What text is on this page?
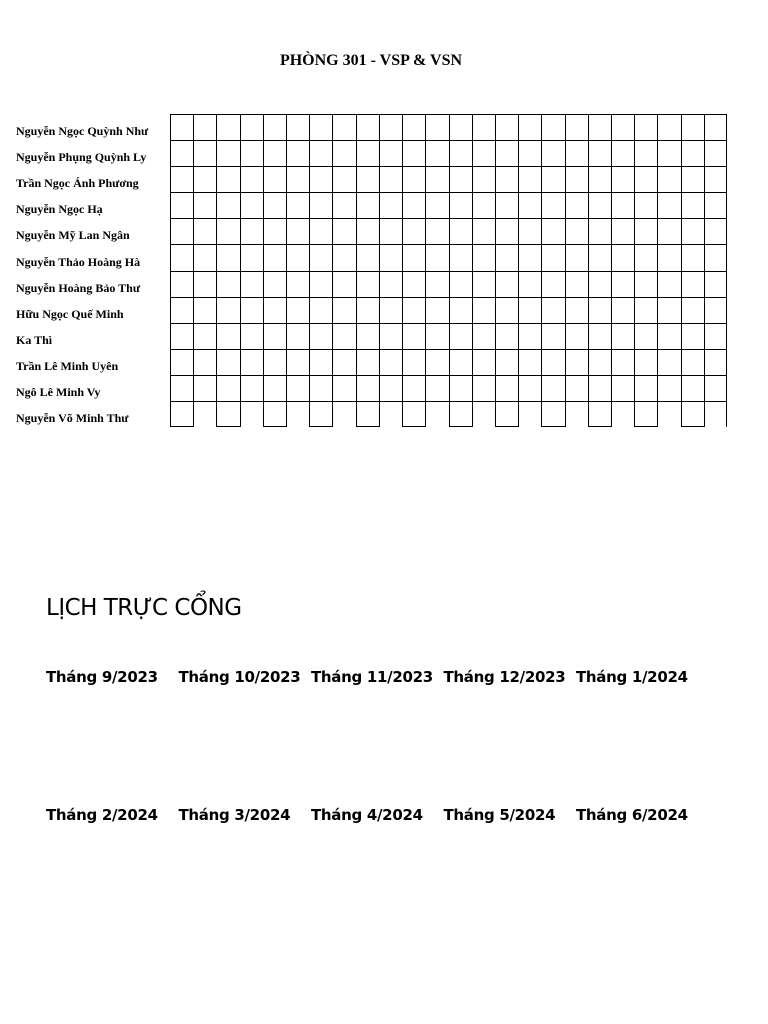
PHÒNG 301 - VSP & VSN
Nguyễn Ngọc Quỳnh Như
Nguyễn Phụng Quỳnh Ly
Trần Ngọc Ánh Phương
Nguyễn Ngọc Hạ
Nguyễn Mỹ Lan Ngân
Nguyễn Thảo Hoàng Hà
Nguyễn Hoàng Bảo Thư
Hữu Ngọc Quế Minh
Ka Thì
Trần Lê Minh Uyên
Ngô Lê Minh Vy
Nguyễn Võ Minh Thư
LỊCH TRỰC CỔNG
Tháng 9/2023	Tháng 10/2023 Tháng 11/2023 Tháng 12/2023 Tháng 1/2024
Tháng 2/2024	Tháng 3/2024	Tháng 4/2024	Tháng 5/2024	Tháng 6/2024
